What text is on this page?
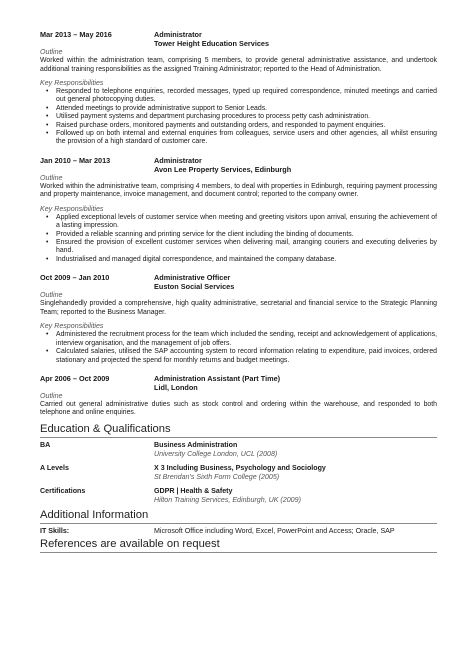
Mar 2013 – May 2016	Administrator
Tower Height Education Services
Outline
Worked within the administration team, comprising 5 members, to provide general administrative assistance, and undertook additional training responsibilities as the assigned Training Administrator; reported to the Head of Administration.
Key Responsibilities
• Responded to telephone enquiries, recorded messages, typed up required correspondence, minuted meetings and carried out general photocopying duties.
• Attended meetings to provide administrative support to Senior Leads.
• Utilised payment systems and department purchasing procedures to process petty cash administration.
• Raised purchase orders, monitored payments and outstanding orders, and responded to payment enquiries.
• Followed up on both internal and external enquiries from colleagues, service users and other agencies, all whilst ensuring the provision of a high standard of customer care.
Jan 2010 – Mar 2013	Administrator
Avon Lee Property Services, Edinburgh
Outline
Worked within the administrative team, comprising 4 members, to deal with properties in Edinburgh, requiring payment processing and property maintenance, invoice management, and document control; reported to the company owner.
Key Responsibilities
• Applied exceptional levels of customer service when meeting and greeting visitors upon arrival, ensuring the achievement of a lasting impression.
• Provided a reliable scanning and printing service for the client including the binding of documents.
• Ensured the provision of excellent customer services when delivering mail, arranging couriers and executing deliveries by hand.
• Industrialised and managed digital correspondence, and maintained the company database.
Oct 2009 – Jan 2010	Administrative Officer
Euston Social Services
Outline
Singlehandedly provided a comprehensive, high quality administrative, secretarial and financial service to the Strategic Planning Team; reported to the Business Manager.
Key Responsibilities
• Administered the recruitment process for the team which included the sending, receipt and acknowledgement of applications, interview organisation, and the management of job offers.
• Calculated salaries, utilised the SAP accounting system to record information relating to expenditure, paid invoices, ordered stationary and projected the spend for monthly returns and budget meetings.
Apr 2006 – Oct 2009	Administration Assistant (Part Time)
Lidl, London
Outline
Carried out general administrative duties such as stock control and ordering within the warehouse, and responded to both telephone and online enquiries.
Education & Qualifications
BA	Business Administration
University College London, UCL (2008)
A Levels	X 3 Including Business, Psychology and Sociology
St Brendan's Sixth Form College (2005)
Certifications	GDPR | Health & Safety
Hilton Training Services, Edinburgh, UK (2009)
Additional Information
IT Skills:	Microsoft Office including Word, Excel, PowerPoint and Access; Oracle, SAP
References are available on request
